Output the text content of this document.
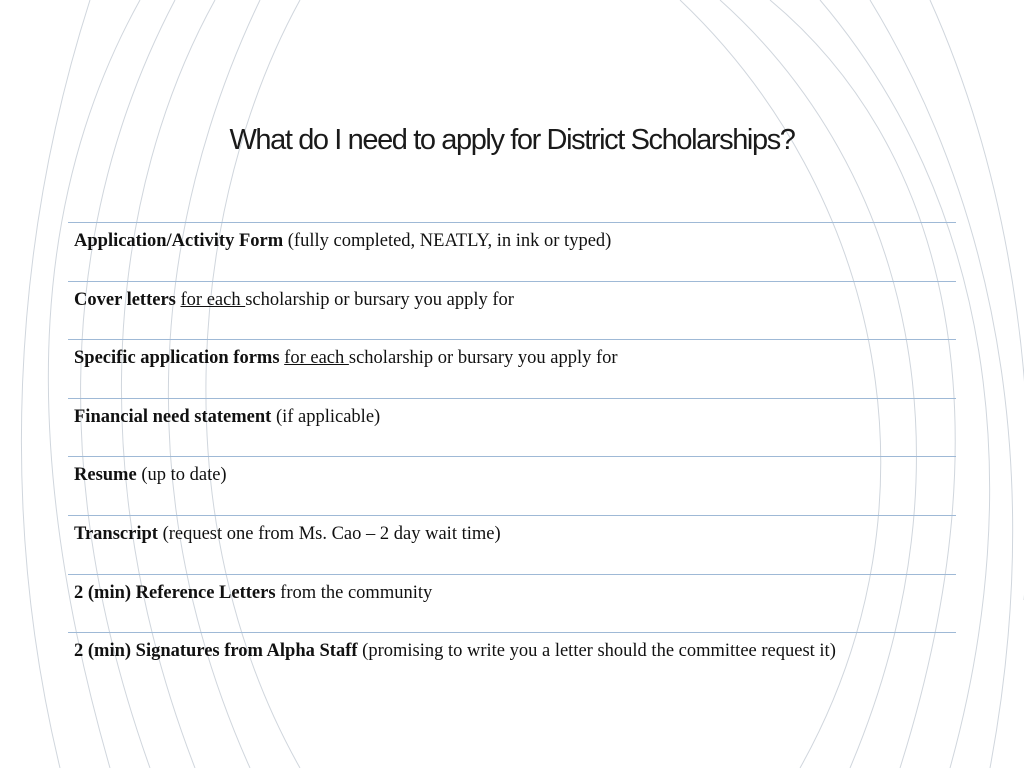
What do I need to apply for District Scholarships?
Application/Activity Form (fully completed, NEATLY, in ink or typed)
Cover letters for each scholarship or bursary you apply for
Specific application forms for each scholarship or bursary you apply for
Financial need statement (if applicable)
Resume (up to date)
Transcript (request one from Ms. Cao – 2 day wait time)
2 (min) Reference Letters from the community
2 (min) Signatures from Alpha Staff (promising to write you a letter should the committee request it)
